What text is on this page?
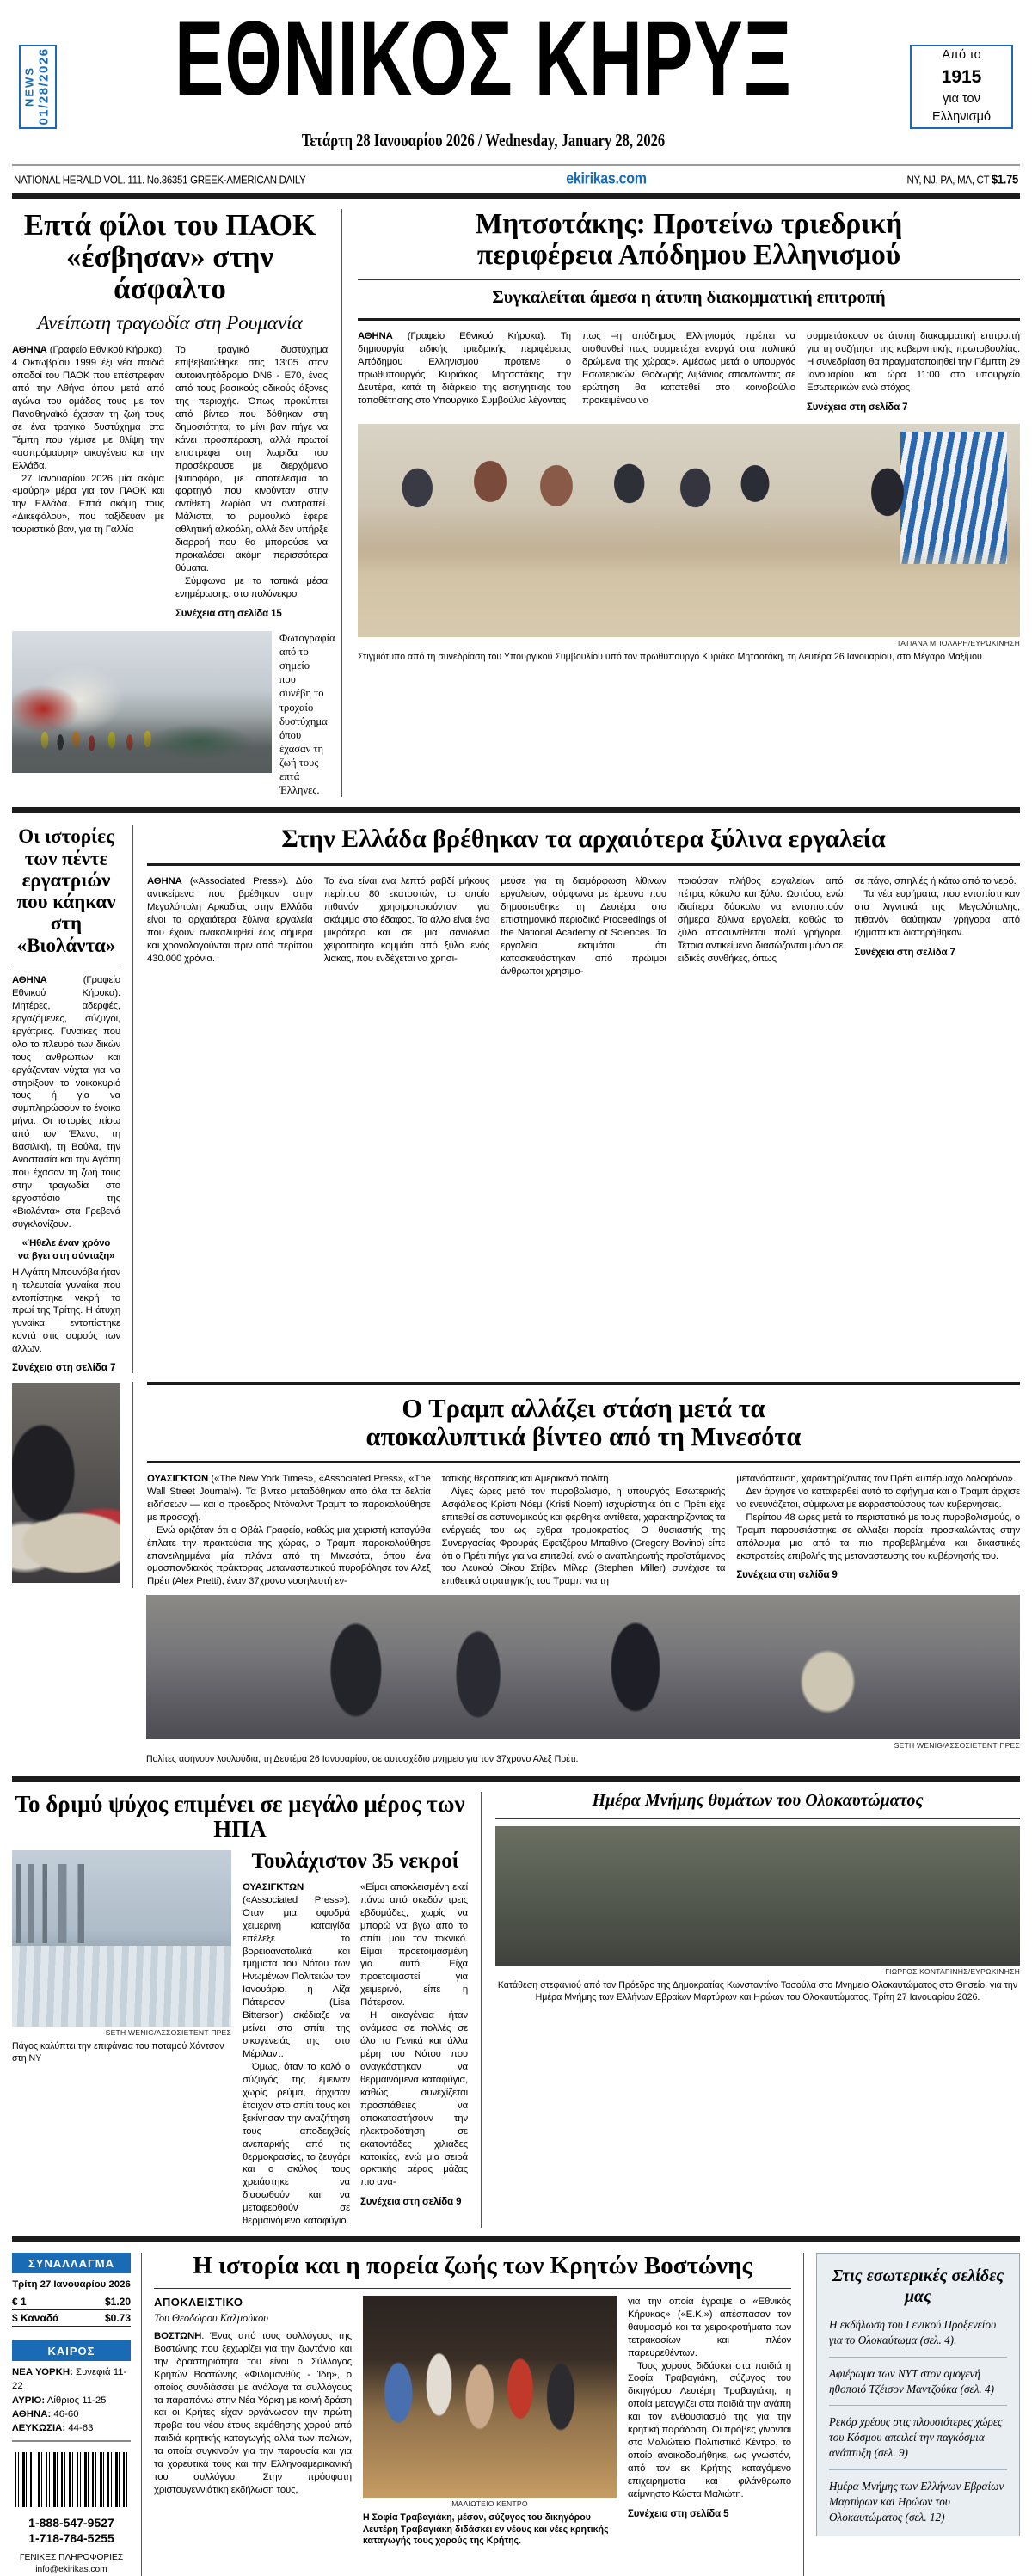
NEWS 01/28/2026	ΕΘΝΙΚΟΣ ΚΗΡΥΞ
Τετάρτη 28 Ιανουαρίου 2026 / Wednesday, January 28, 2026
Από το
1915
για τον
Ελληνισμό
NATIONAL HERALD VOL. 111. No.36351 GREEK-AMERICAN DAILY	ekirikas.com	NY, NJ, PA, MA, CT $1.75
Επτά φίλοι του ΠΑΟΚ
«έσβησαν» στην άσφαλτο
Ανείπωτη τραγωδία στη Ρουμανία

ΑΘΗΝΑ (Γραφείο Εθνικού Κήρυκα). 4 Οκτωβρίου 1999 έξι νέα παιδιά οπαδοί του ΠΑΟΚ που επέστρεφαν από την Αθήνα όπου μετά από αγώνα του ομάδας τους με τον Παναθηναϊκό έχασαν τη ζωή τους σε ένα τραγικό δυστύχημα στα Τέμπη που γέμισε με θλίψη την «ασπρόμαυρη» οικογένεια και την Ελλάδα.

27 Ιανουαρίου 2026 μία ακόμα «μαύρη» μέρα για τον ΠΑΟΚ και την Ελλάδα. Επτά ακόμη τους «Δικεφάλου», που ταξίδευαν με τουριστικό βαν, για τη Γαλλία

Το τραγικό δυστύχημα επιβεβαιώθηκε στις 13:05 στον αυτοκινητόδρομο DN6 - E70, ένας από τους βασικούς οδικούς άξονες της περιοχής. Όπως προκύπτει από βίντεο που δόθηκαν στη δημοσιότητα, το μίνι βαν πήγε να κάνει προσπέραση, αλλά πρωτοί επιστρέφει στη λωρίδα του προσέκρουσε με διερχόμενο βυτιοφόρο, με αποτέλεσμα το φορτηγό που κινούνταν στην αντίθετη λωρίδα να ανατραπεί. Μάλιστα, το ρυμουλκό έφερε αθλητική αλκοόλη, αλλά δεν υπήρξε διαρροή που θα μπορούσε να προκαλέσει ακόμη περισσότερα θύματα.

Σύμφωνα με τα τοπικά μέσα ενημέρωσης, στο πολύνεκρο

Συνέχεια στη σελίδα 15
Φωτογραφία από το σημείο που συνέβη το τροχαίο δυστύχημα όπου έχασαν τη ζωή τους επτά Έλληνες.
Μητσοτάκης: Προτείνω τριεδρική
περιφέρεια Απόδημου Ελληνισμού
Συγκαλείται άμεσα η άτυπη διακομματική επιτροπή

ΑΘΗΝΑ (Γραφείο Εθνικού Κήρυκα). Τη δημιουργία ειδικής τριεδρικής περιφέρειας Απόδημου Ελληνισμού πρότεινε ο πρωθυπουργός Κυριάκος Μητσοτάκης την Δευτέρα, κατά τη διάρκεια της εισηγητικής του τοποθέτησης στο Υπουργικό Συμβούλιο λέγοντας

πως –η απόδημος Ελληνισμός πρέπει να αισθανθεί πως συμμετέχει ενεργά στα πολιτικά δρώμενα της χώρας». Αμέσως μετά ο υπουργός Εσωτερικών, Θοδωρής Λιβάνιος απαντώντας σε ερώτηση θα κατατεθεί στο κοινοβούλιο προκειμένου να

συμμετάσκουν σε άτυπη διακομματική επιτροπή για τη συζήτηση της κυβερνητικής πρωτοβουλίας. Η συνεδρίαση θα πραγματοποιηθεί την Πέμπτη 29 Ιανουαρίου και ώρα 11:00 στο υπουργείο Εσωτερικών ενώ στόχος

Συνέχεια στη σελίδα 7
ΤΑΤΙΑΝΑ ΜΠΟΛΑΡΗ/ΕΥΡΩΚΙΝΗΣΗ
Στιγμιότυπο από τη συνεδρίαση του Υπουργικού Συμβουλίου υπό τον πρωθυπουργό Κυριάκο Μητσοτάκη, τη Δευτέρα 26 Ιανουαρίου, στο Μέγαρο Μαξίμου.
Οι ιστορίες των πέντε εργατριών που κάηκαν στη «Βιολάντα»

ΑΘΗΝΑ (Γραφείο Εθνικού Κήρυκα). Μητέρες, αδερφές, εργαζόμενες, σύζυγοι, εργάτριες. Γυναίκες που όλο το πλευρό των δικών τους ανθρώπων και εργάζονταν νύχτα για να στηρίξουν το νοικοκυριό τους ή για να συμπληρώσουν το ένοικο μήνα. Οι ιστορίες πίσω από τον Έλενα, τη Βασιλική, τη Βούλα, την Αναστασία και την Αγάπη που έχασαν τη ζωή τους στην τραγωδία στο εργοστάσιο της «Βιολάντα» στα Γρεβενά συγκλονίζουν.

«Ήθελε έναν χρόνο
να βγει στη σύνταξη»

Η Αγάπη Μπουνόβα ήταν η τελευταία γυναίκα που εντοπίστηκε νεκρή το πρωί της Τρίτης. Η άτυχη γυναίκα εντοπίστηκε κοντά στις σορούς των άλλων.

Συνέχεια στη σελίδα 7
Στην Ελλάδα βρέθηκαν τα αρχαιότερα ξύλινα εργαλεία

ΑΘΗΝΑ («Associated Press»). Δύο αντικείμενα που βρέθηκαν στην Μεγαλόπολη Αρκαδίας στην Ελλάδα είναι τα αρχαιότερα ξύλινα εργαλεία που έχουν ανακαλυφθεί έως σήμερα και χρονολογούνται πριν από περίπου 430.000 χρόνια.

Το ένα είναι ένα λεπτό ραβδί μήκους περίπου 80 εκατοστών, το οποίο πιθανόν χρησιμοποιούνταν για σκάψιμο στο έδαφος. Το άλλο είναι ένα μικρότερο και σε μια σανιδένια χειροποίητο κομμάτι από ξύλο ενός λιακας, που ενδέχεται να χρησι-

μεύσε για τη διαμόρφωση λίθινων εργαλείων, σύμφωνα με έρευνα που δημοσιεύθηκε τη Δευτέρα στο επιστημονικό περιοδικό Proceedings of the National Academy of Sciences. Τα εργαλεία εκτιμάται ότι κατασκευάστηκαν από πρώιμοι άνθρωποι χρησιμο-

ποιούσαν πλήθος εργαλείων από πέτρα, κόκαλο και ξύλο. Ωστόσο, ενώ ιδιαίτερα δύσκολο να εντοπιστούν σήμερα ξύλινα εργαλεία, καθώς το ξύλο αποσυντίθεται πολύ γρήγορα. Τέτοια αντικείμενα διασώζονται μόνο σε ειδικές συνθήκες, όπως

σε πάγο, σπηλιές ή κάτω από το νερό.

Τα νέα ευρήματα, που εντοπίστηκαν στα λιγνιτικά της Μεγαλόπολης, πιθανόν θαύτηκαν γρήγορα από ιζήματα και διατηρήθηκαν.

Συνέχεια στη σελίδα 7
Ο Τραμπ αλλάζει στάση μετά τα
αποκαλυπτικά βίντεο από τη Μινεσότα

ΟΥΑΣΙΓΚΤΩΝ («The New York Times», «Associated Press», «The Wall Street Journal»). Τα βίντεο μεταδόθηκαν από όλα τα δελτία ειδήσεων — και ο πρόεδρος Ντόναλντ Τραμπ το παρακολούθησε με προσοχή.

Ενώ οριζόταν ότι ο Οβάλ Γραφείο, καθώς μια χειριστή καταγύθα έπλατε την πρακτεύσια της χώρας, ο Τραμπ παρακολούθησε επανειλημμένα μία πλάνα από τη Μινεσότα, όπου ένα ομοσπονδιακός πράκτορας μεταναστευτικού πυροβόλησε τον Αλεξ Πρέτι (Alex Pretti), έναν 37χρονο νοσηλευτή εν-

τατικής θεραπείας και Αμερικανό πολίτη.

Λίγες ώρες μετά τον πυροβολισμό, η υπουργός Εσωτερικής Ασφάλειας Κρίστι Νόεμ (Kristi Noem) ισχυρίστηκε ότι ο Πρέτι είχε επιτεθεί σε αστυνομικούς και φέρθηκε αντίθετα, χαρακτηρίζοντας τα ενέργειές του ως εχθρα τρομοκρατίας. Ο θυσιαστής της Συνεργασίας Φρουράς Εφετζέρου Μπαθίνο (Gregory Bovino) είπε ότι ο Πρέτι πήγε για να επιτεθεί, ενώ ο αναπληρωτής προϊστάμενος του Λευκού Οίκου Στίβεν Μίλερ (Stephen Miller) συνέχισε τα επιθετικά στρατηγικής του Τραμπ για τη

μετανάστευση, χαρακτηρίζοντας τον Πρέτι «υπέρμαχο δολοφόνο».

Δεν άργησε να καταφερθεί αυτό το αφήγημα και ο Τραμπ άρχισε να ενευνάζεται, σύμφωνα με εκφραστούσους των κυβερνήσεις.

Περίπου 48 ώρες μετά το περιστατικό με τους πυροβολισμούς, ο Τραμπ παρουσιάστηκε σε αλλάξει πορεία, προσκαλώντας στην απόλουμα μια από τα πιο προβεβλημένα και δικαστικές εκστρατείες επιβολής της μεταναστευσης του κυβέρνησής του.

Συνέχεια στη σελίδα 9
SETH WENIG/ΑΣΣΟΣΙΕΤΕΝΤ ΠΡΕΣ
Πολίτες αφήνουν λουλούδια, τη Δευτέρα 26 Ιανουαρίου, σε αυτοσχέδιο μνημείο για τον 37χρονο Αλεξ Πρέτι.
Το δριμύ ψύχος επιμένει σε μεγάλο μέρος των ΗΠΑ
SETH WENIG/ΑΣΣΟΣΙΕΤΕΝΤ ΠΡΕΣ
Πάγος καλύπτει την επιφάνεια του ποταμού Χάντσον στη ΝΥ
Τουλάχιστον 35 νεκροί

ΟΥΑΣΙΓΚΤΩΝ («Associated Press»). Όταν μια σφοδρά χειμερινή καταιγίδα επέλεξε το βορειοανατολικά και τμήματα του Νότου των Ηνωμένων Πολιτειών τον Ιανουάριο, η Λίζα Πάτερσον (Lisa Bitterson) σκέδιαζε να μείνει στο σπίτι της οικογένειάς της στο Μέριλαντ.

Όμως, όταν το καλό ο σύζυγός της έμειναν χωρίς ρεύμα, άρχισαν έτοιχαν στο σπίτι τους και ξεκίνησαν την αναζήτηση τους αποδειχθείς ανεπαρκής από τις θερμοκρασίες, το ζευγάρι και ο σκύλος τους χρειάστηκε να διασωθούν και να μεταφερθούν σε θερμαινόμενο καταφύγιο.

«Είμαι αποκλεισμένη εκεί πάνω από σκεδόν τρεις εβδομάδες, χωρίς να μπορώ να βγω από το σπίτι μου τον τοκνικό. Είμαι προετοιμασμένη για αυτό. Είχα προετοιμαστεί για χειμερινό, είπε η Πάτερσον.

Η οικογένεια ήταν ανάμεσα σε πολλές σε όλο το Γενικά και άλλα μέρη του Νότου που αναγκάστηκαν να θερμαινόμενα καταφύγια, καθώς συνεχίζεται προσπάθειες να αποκαταστήσουν την ηλεκτροδότηση σε εκατοντάδες χιλιάδες κατοικίες, ενώ μια σειρά αρκτικής αέρας μάζας πιο ανα-

Συνέχεια στη σελίδα 9
Ημέρα Μνήμης θυμάτων του Ολοκαυτώματος
ΓΙΩΡΓΟΣ ΚΟΝΤΑΡΙΝΗΣ/ΕΥΡΩΚΙΝΗΣΗ
Κατάθεση στεφανιού από τον Πρόεδρο της Δημοκρατίας Κωνσταντίνο Τασούλα στο Μνημείο Ολοκαυτώματος στο Θησείο, για την Ημέρα Μνήμης των Ελλήνων Εβραίων Μαρτύρων και Ηρώων του Ολοκαυτώματος, Τρίτη 27 Ιανουαρίου 2026.
ΣΥΝΑΛΛΑΓΜΑ
Τρίτη 27 Ιανουαρίου 2026
€ 1	$1.20
$ Καναδά	$0.73
ΚΑΙΡΟΣ
ΝΕΑ ΥΟΡΚΗ: Συνεφιά 11-22
ΑΥΡΙΟ: Αίθριος 11-25
ΑΘΗΝΑ: 46-60
ΛΕΥΚΩΣΙΑ: 44-63
1-888-547-9527
1-718-784-5255
ΓΕΝΙΚΕΣ ΠΛΗΡΟΦΟΡΙΕΣ
info@ekirikas.com
Η ιστορία και η πορεία ζωής των Κρητών Βοστώνης
ΑΠΟΚΛΕΙΣΤΙΚΟ
Του Θεοδώρου Καλμούκου

ΒΟΣΤΩΝΗ. Ένας από τους συλλόγους της Βοστώνης που ξεχωρίζει για την ζωντάνια και την δραστηριότητά του είναι ο Σύλλογος Κρητών Βοστώνης «Φιλόμανθύς - Ίδη», ο οποίος συνδιάσσει με ανάλογα τα συλλόγους τα παραπάνω στην Νέα Υόρκη με κοινή δράση και οι Κρήτες είχαν οργάνωσαν την πρώτη προβα του νέου έτους εκμάθησης χορού από παιδιά κρητικής καταγωγής αλλά των παλιών, τα οποία συγκινούν για την παρουσία και για τα χορευτικά τους και την Ελληνοαμερικανική του συλλόγου. Στην πρόσφατη χριστουγεννιάτικη εκδήλωση τους,

ΜΑΛΙΩΤΕΙΟ ΚΕΝΤΡΟ
Η Σοφία Τραβαγιάκη, μέσον, σύζυγος του δικηγόρου Λευτέρη Τραβαγιάκη διδάσκει εν νέους και νέες κρητικής καταγωγής τους χορούς της Κρήτης.

για την οποία έγραψε ο «Εθνικός Κήρυκας» («Ε.Κ.») απέσπασαν τον θαυμασμό και τα χειροκροτήματα των τετρακοσίων και πλέον παρευρεθέντων.

Τους χορούς διδάσκει στα παιδιά η Σοφία Τραβαγιάκη, σύζυγος του δικηγόρου Λευτέρη Τραβαγιάκη, η οποία μεταγγίζει στα παιδιά την αγάπη και τον ενθουσιασμό της για την κρητική παράδοση. Οι πρόβες γίνονται στο Μαλιώτειο Πολιτιστικό Κέντρο, το οποίο ανοικοδομήθηκε, ως γνωστόν, από τον εκ Κρήτης καταγόμενο επιχειρηματία και φιλάνθρωπο αείμνηστο Κώστα Μαλιώτη.

Συνέχεια στη σελίδα 5
Στις εσωτερικές σελίδες μας
Η εκδήλωση του Γενικού Προξενείου για το Ολοκαύτωμα (σελ. 4).
Αφιέρωμα των ΝΥΤ στον ομογενή ηθοποιό Τζέισον Μαντζούκα (σελ. 4)
Ρεκόρ χρέους στις πλουσιότερες χώρες του Κόσμου απειλεί την παγκόσμια ανάπτυξη (σελ. 9)
Ημέρα Μνήμης των Ελλήνων Εβραίων Μαρτύρων και Ηρώων του Ολοκαυτώματος (σελ. 12)
